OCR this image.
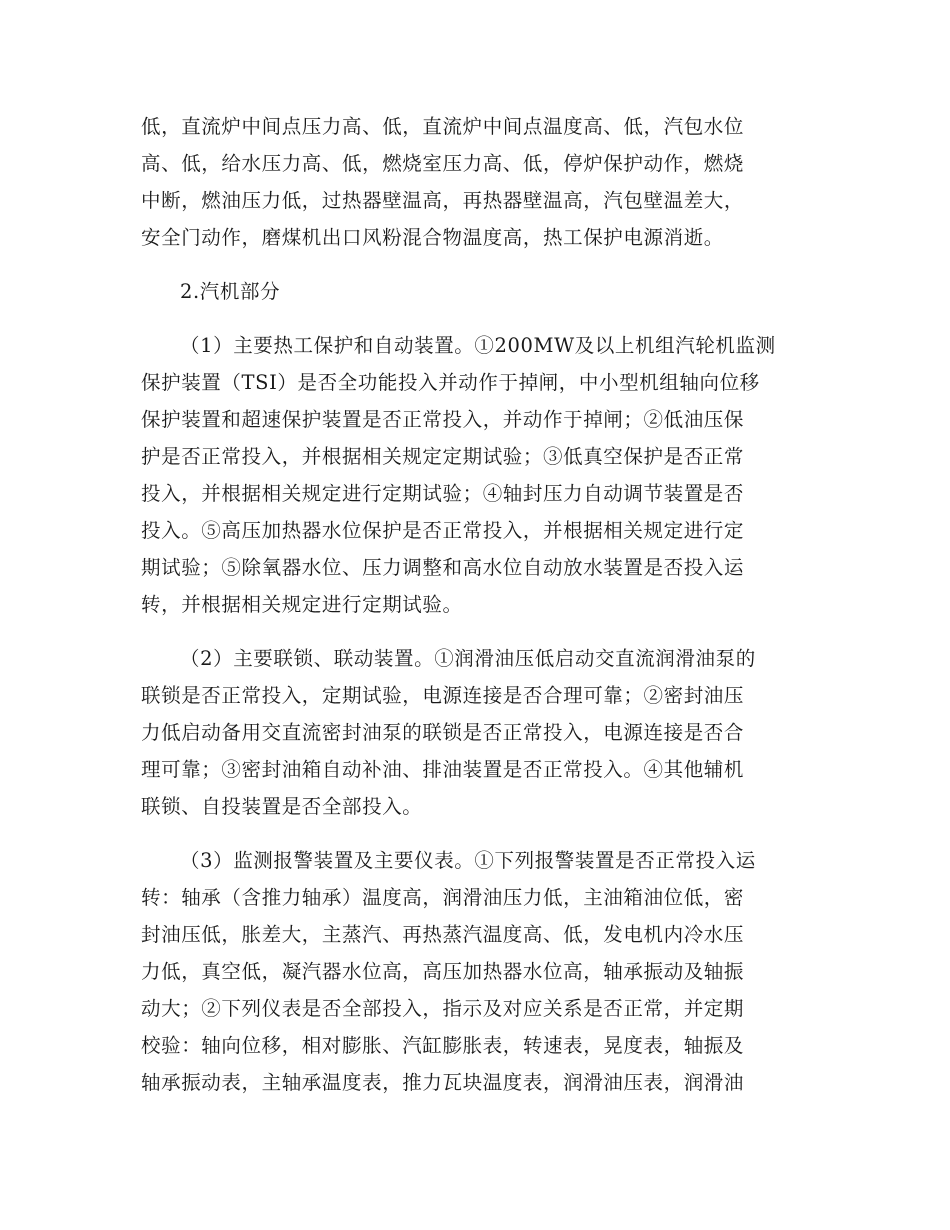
低，直流炉中间点压力高、低，直流炉中间点温度高、低，汽包水位
高、低，给水压力高、低，燃烧室压力高、低，停炉保护动作，燃烧
中断，燃油压力低，过热器壁温高，再热器壁温高，汽包壁温差大，
安全门动作，磨煤机出口风粉混合物温度高，热工保护电源消逝。
2.汽机部分
（1）主要热工保护和自动装置。①200MW及以上机组汽轮机监测
保护装置（TSI）是否全功能投入并动作于掉闸，中小型机组轴向位移
保护装置和超速保护装置是否正常投入，并动作于掉闸；②低油压保
护是否正常投入，并根据相关规定定期试验；③低真空保护是否正常
投入，并根据相关规定进行定期试验；④轴封压力自动调节装置是否
投入。⑤高压加热器水位保护是否正常投入，并根据相关规定进行定
期试验；⑤除氧器水位、压力调整和高水位自动放水装置是否投入运
转，并根据相关规定进行定期试验。
（2）主要联锁、联动装置。①润滑油压低启动交直流润滑油泵的
联锁是否正常投入，定期试验，电源连接是否合理可靠；②密封油压
力低启动备用交直流密封油泵的联锁是否正常投入，电源连接是否合
理可靠；③密封油箱自动补油、排油装置是否正常投入。④其他辅机
联锁、自投装置是否全部投入。
（3）监测报警装置及主要仪表。①下列报警装置是否正常投入运
转：轴承（含推力轴承）温度高，润滑油压力低，主油箱油位低，密
封油压低，胀差大，主蒸汽、再热蒸汽温度高、低，发电机内冷水压
力低，真空低，凝汽器水位高，高压加热器水位高，轴承振动及轴振
动大；②下列仪表是否全部投入，指示及对应关系是否正常，并定期
校验：轴向位移，相对膨胀、汽缸膨胀表，转速表，晃度表，轴振及
轴承振动表，主轴承温度表，推力瓦块温度表，润滑油压表，润滑油
